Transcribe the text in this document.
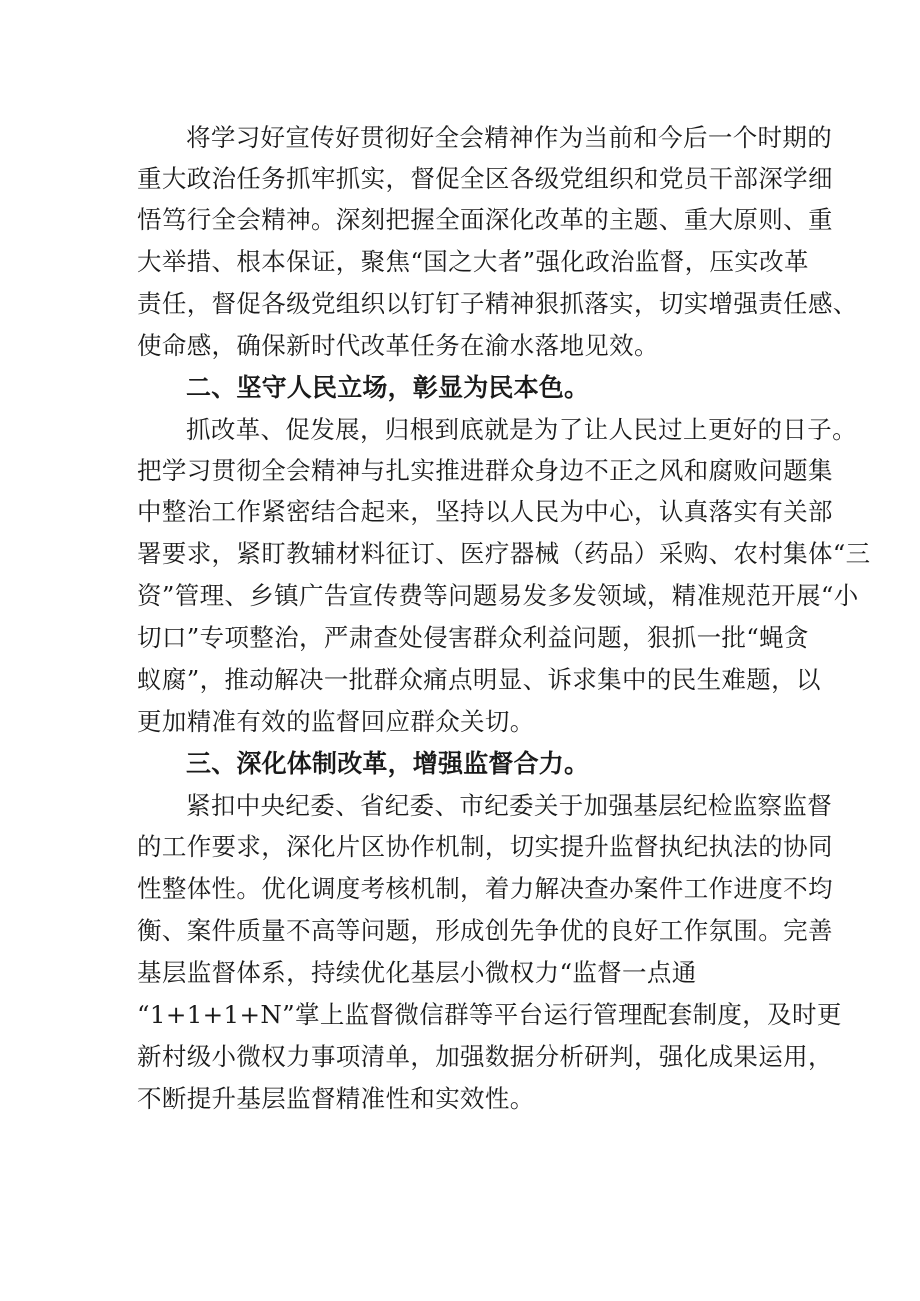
将学习好宣传好贯彻好全会精神作为当前和今后一个时期的
重大政治任务抓牢抓实，督促全区各级党组织和党员干部深学细
悟笃行全会精神。深刻把握全面深化改革的主题、重大原则、重
大举措、根本保证，聚焦“国之大者”强化政治监督，压实改革
责任，督促各级党组织以钉钉子精神狠抓落实，切实增强责任感、
使命感，确保新时代改革任务在渝水落地见效。
二、坚守人民立场，彰显为民本色。
抓改革、促发展，归根到底就是为了让人民过上更好的日子。
把学习贯彻全会精神与扎实推进群众身边不正之风和腐败问题集
中整治工作紧密结合起来，坚持以人民为中心，认真落实有关部
署要求，紧盯教辅材料征订、医疗器械（药品）采购、农村集体“三
资”管理、乡镇广告宣传费等问题易发多发领域，精准规范开展“小
切口”专项整治，严肃查处侵害群众利益问题，狠抓一批“蝇贪
蚁腐”，推动解决一批群众痛点明显、诉求集中的民生难题，以
更加精准有效的监督回应群众关切。
三、深化体制改革，增强监督合力。
紧扣中央纪委、省纪委、市纪委关于加强基层纪检监察监督
的工作要求，深化片区协作机制，切实提升监督执纪执法的协同
性整体性。优化调度考核机制，着力解决查办案件工作进度不均
衡、案件质量不高等问题，形成创先争优的良好工作氛围。完善
基层监督体系，持续优化基层小微权力“监督一点通
“1+1+1+N”掌上监督微信群等平台运行管理配套制度，及时更
新村级小微权力事项清单，加强数据分析研判，强化成果运用，
不断提升基层监督精准性和实效性。
